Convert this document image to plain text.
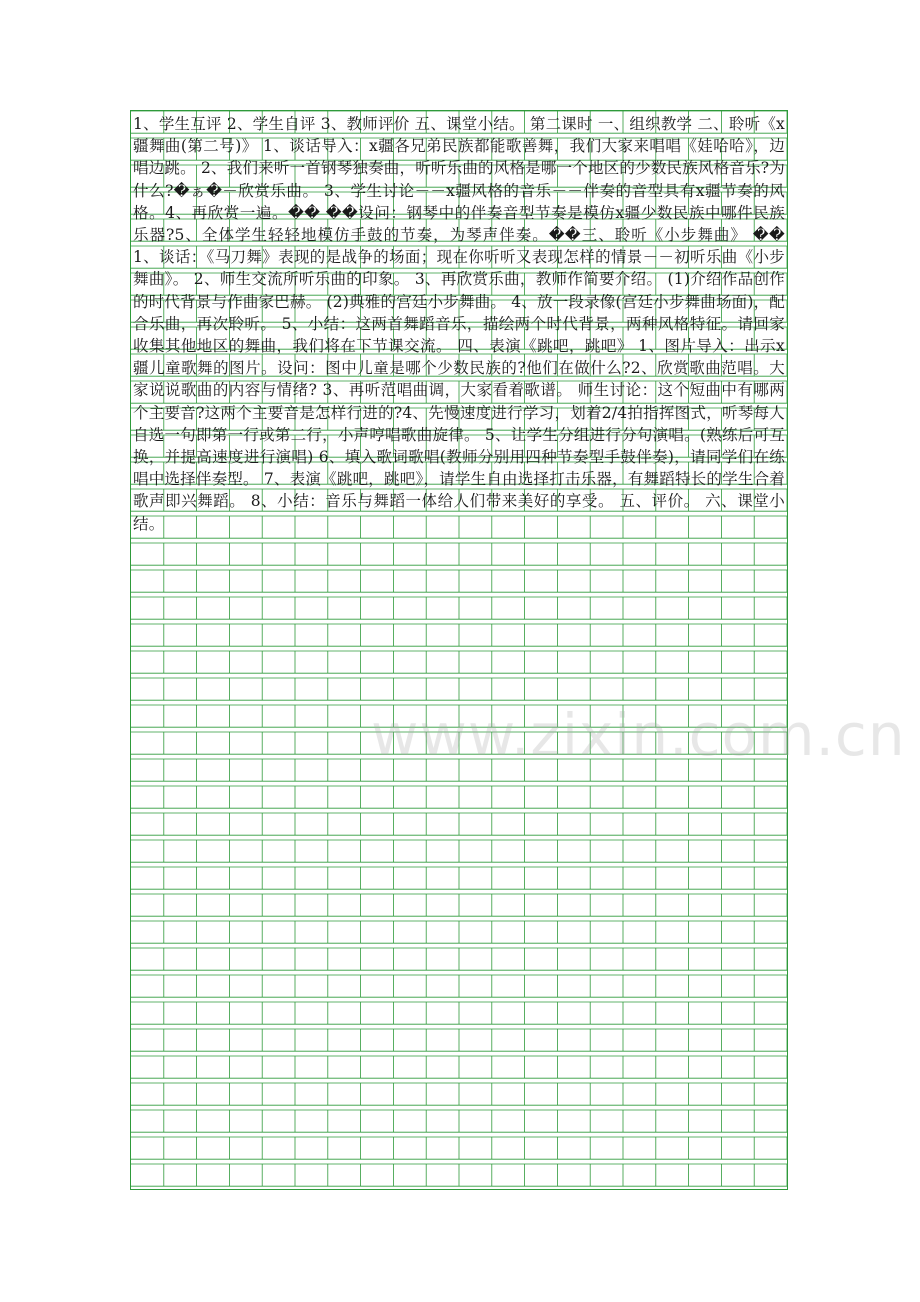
1、学生互评 2、学生自评 3、教师评价 五、课堂小结。 第二课时 一、组织教学 二、聆听《x疆舞曲(第二号)》 1、谈话导入：x疆各兄弟民族都能歌善舞，我们大家来唱唱《娃哈哈》，边唱边跳。 2、我们来听一首钢琴独奏曲，听听乐曲的风格是哪一个地区的少数民族风格音乐?为什么?�ぁ�－欣赏乐曲。 3、学生讨论－－x疆风格的音乐－－伴奏的音型具有x疆节奏的风格。4、再欣赏一遍。�� ��设问：钢琴中的伴奏音型节奏是模仿x疆少数民族中哪件民族乐器?5、全体学生轻轻地模仿手鼓的节奏，为琴声伴奏。��三、聆听《小步舞曲》 �� 1、谈话：《马刀舞》表现的是战争的场面；现在你听听又表现怎样的情景－－初听乐曲《小步舞曲》。 2、师生交流所听乐曲的印象。 3、再欣赏乐曲，教师作简要介绍。 (1)介绍作品创作的时代背景与作曲家巴赫。 (2)典雅的宫廷小步舞曲。 4、放一段录像(宫廷小步舞曲场面)，配合乐曲，再次聆听。 5、小结：这两首舞蹈音乐，描绘两个时代背景，两种风格特征。请回家收集其他地区的舞曲，我们将在下节课交流。 四、表演《跳吧，跳吧》 1、图片导入：出示x疆儿童歌舞的图片。设问：图中儿童是哪个少数民族的?他们在做什么?2、欣赏歌曲范唱。大家说说歌曲的内容与情绪? 3、再听范唱曲调，大家看着歌谱。 师生讨论：这个短曲中有哪两个主要音?这两个主要音是怎样行进的?4、先慢速度进行学习，划着2/4拍指挥图式，听琴每人自选一句即第一行或第二行，小声哼唱歌曲旋律。 5、让学生分组进行分句演唱。(熟练后可互换，并提高速度进行演唱) 6、填入歌词歌唱(教师分别用四种节奏型手鼓伴奏)，请同学们在练唱中选择伴奏型。 7、表演《跳吧，跳吧》，请学生自由选择打击乐器，有舞蹈特长的学生合着歌声即兴舞蹈。 8、小结：音乐与舞蹈一体给人们带来美好的享受。 五、评价。 六、课堂小结。
www.zixin.com.cn
